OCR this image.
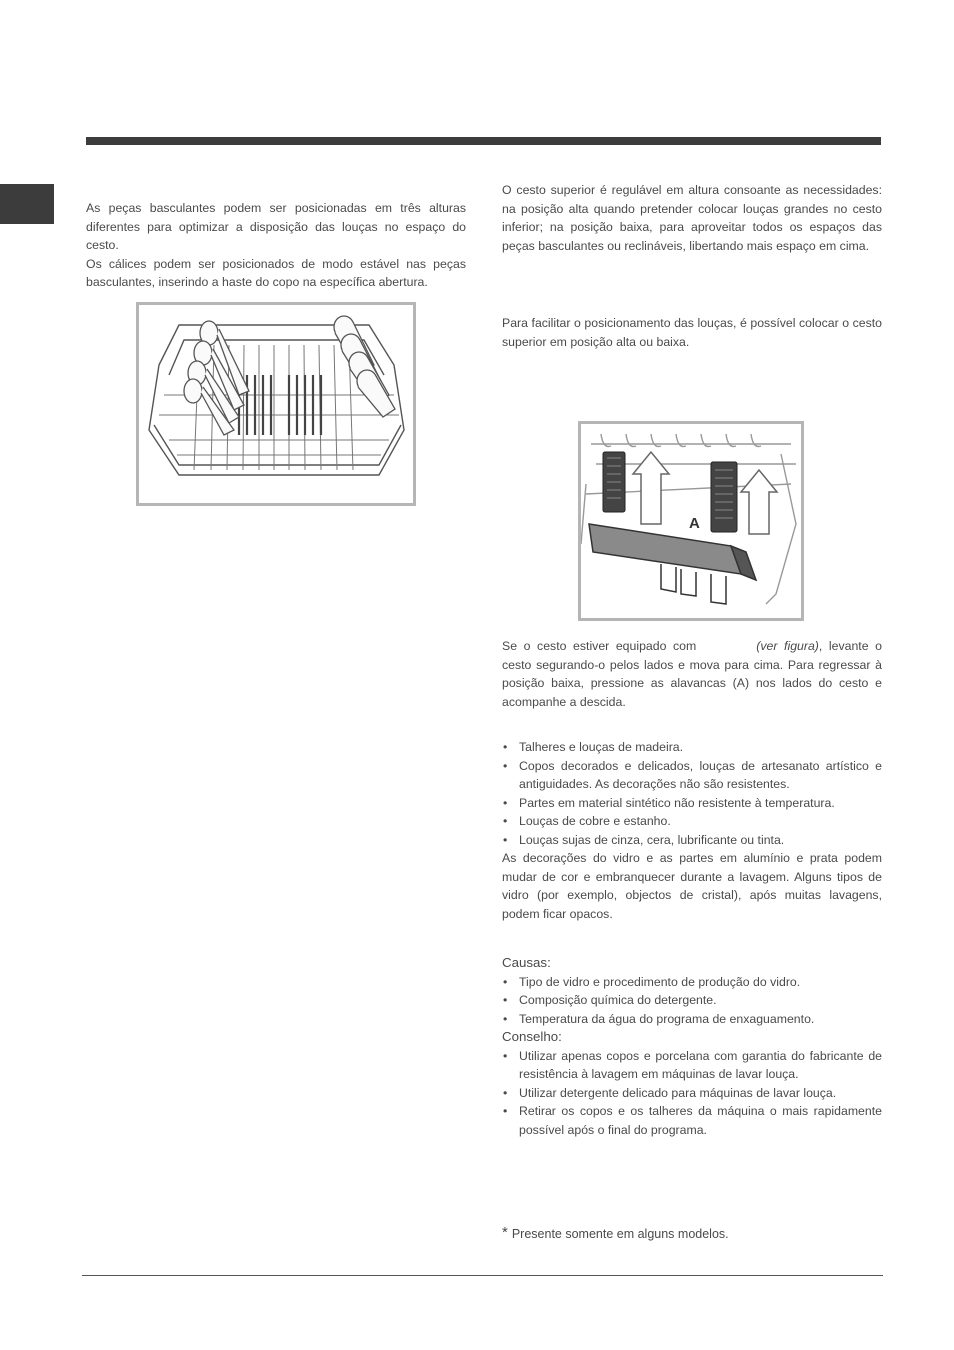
As peças basculantes podem ser posicionadas em três alturas diferentes para optimizar a disposição das louças no espaço do cesto.

Os cálices podem ser posicionados de modo estável nas peças basculantes, inserindo a haste do copo na específica abertura.

O cesto superior é regulável em altura consoante as necessidades: na posição alta quando pretender colocar louças grandes no cesto inferior; na posição baixa, para aproveitar todos os espaços das peças basculantes ou reclináveis, libertando mais espaço em cima.

Para facilitar o posicionamento das louças, é possível colocar o cesto superior em posição alta ou baixa.

A

Se o cesto estiver equipado com	(ver figura), levante o cesto segurando-o pelos lados e mova para cima. Para regressar à posição baixa, pressione as alavancas (A) nos lados do cesto e acompanhe a descida.

• Talheres e louças de madeira.
• Copos decorados e delicados, louças de artesanato artístico e antiguidades. As decorações não são resistentes.
• Partes em material sintético não resistente à temperatura.
• Louças de cobre e estanho.
• Louças sujas de cinza, cera, lubrificante ou tinta.

As decorações do vidro e as partes em alumínio e prata podem mudar de cor e embranquecer durante a lavagem. Alguns tipos de vidro (por exemplo, objectos de cristal), após muitas lavagens, podem ficar opacos.

Causas:

• Tipo de vidro e procedimento de produção do vidro.
• Composição química do detergente.
• Temperatura da água do programa de enxaguamento.

Conselho:

• Utilizar apenas copos e porcelana com garantia do fabricante de resistência à lavagem em máquinas de lavar louça.
• Utilizar detergente delicado para máquinas de lavar louça.
• Retirar os copos e os talheres da máquina o mais rapidamente possível após o final do programa.
* Presente somente em alguns modelos.
